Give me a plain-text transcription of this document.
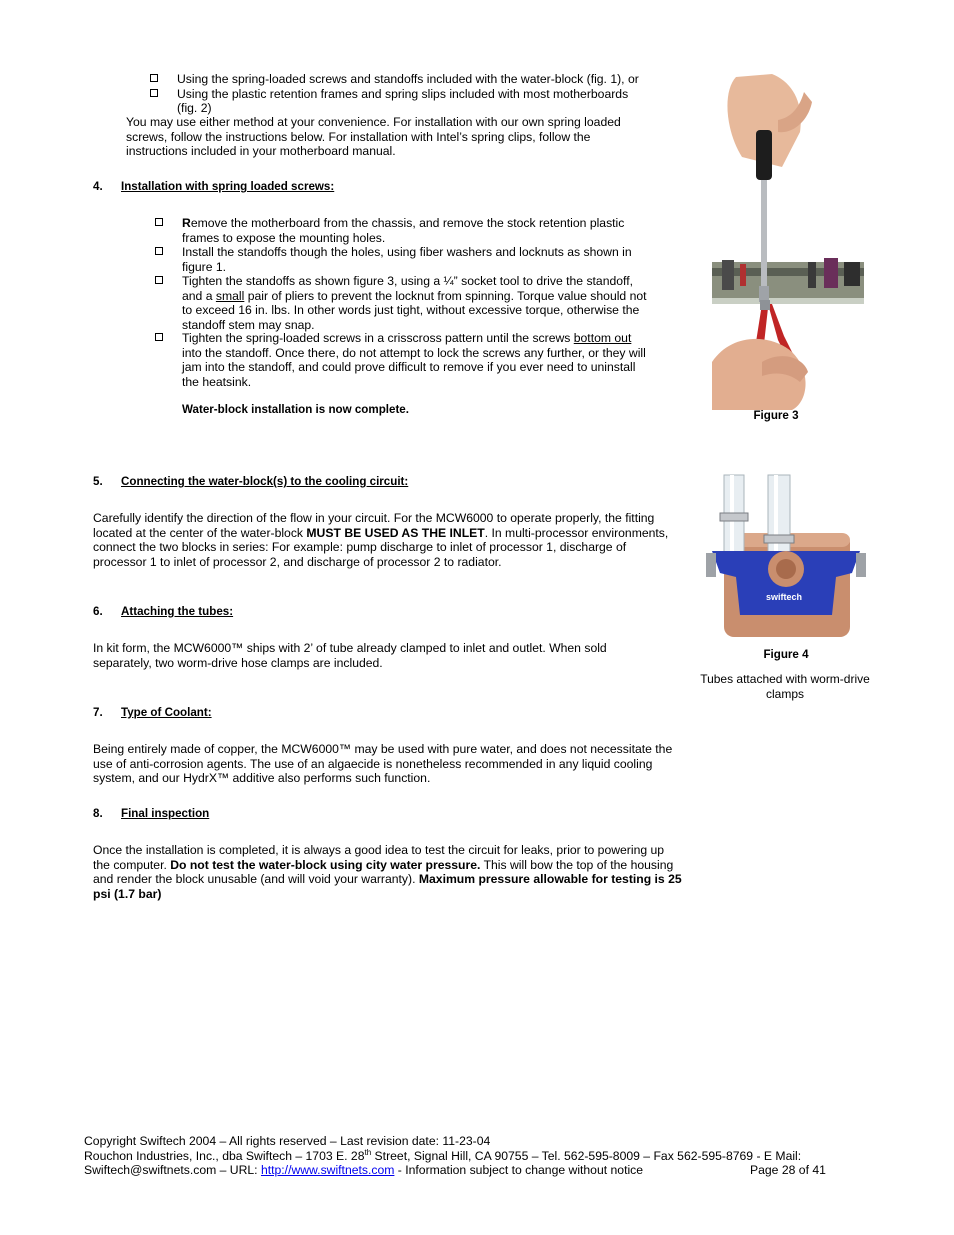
Using the spring-loaded screws and standoffs included with the water-block (fig. 1), or
Using the plastic retention frames and spring slips included with most motherboards
(fig. 2)
You may use either method at your convenience. For installation with our own spring loaded screws, follow the instructions below. For installation with Intel’s spring clips, follow the instructions included in your motherboard manual.
4. Installation with spring loaded screws:
Remove the motherboard from the chassis, and remove the stock retention plastic frames to expose the mounting holes.
Install the standoffs though the holes, using fiber washers and locknuts as shown in figure 1.
Tighten the standoffs as shown figure 3, using a ¼” socket tool to drive the standoff, and a small pair of pliers to prevent the locknut from spinning. Torque value should not to exceed 16 in. lbs. In other words just tight, without excessive torque, otherwise the standoff stem may snap.
Tighten the spring-loaded screws in a crisscross pattern until the screws bottom out into the standoff. Once there, do not attempt to lock the screws any further, or they will jam into the standoff, and could prove difficult to remove if you ever need to uninstall the heatsink.
Water-block installation is now complete.
5. Connecting the water-block(s) to the cooling circuit:
Carefully identify the direction of the flow in your circuit. For the MCW6000 to operate properly, the fitting located at the center of the water-block MUST BE USED AS THE INLET. In multi-processor environments, connect the two blocks in series: For example: pump discharge to inlet of processor 1, discharge of processor 1 to inlet of processor 2, and discharge of processor 2 to radiator.
6. Attaching the tubes:
In kit form, the MCW6000™ ships with 2’ of tube already clamped to inlet and outlet. When sold separately, two worm-drive hose clamps are included.
7. Type of Coolant:
Being entirely made of copper, the MCW6000™ may be used with pure water, and does not necessitate the use of anti-corrosion agents. The use of an algaecide is nonetheless recommended in any liquid cooling system, and our HydrX™ additive also performs such function.
8. Final inspection
Once the installation is completed, it is always a good idea to test the circuit for leaks, prior to powering up the computer. Do not test the water-block using city water pressure. This will bow the top of the housing and render the block unusable (and will void your warranty). Maximum pressure allowable for testing is 25 psi (1.7 bar)
Figure 3
swiftech
Figure 4
Tubes attached with worm-drive clamps
Copyright Swiftech 2004 – All rights reserved – Last revision date: 11-23-04
Rouchon Industries, Inc., dba Swiftech – 1703 E. 28th Street, Signal Hill, CA 90755 – Tel. 562-595-8009 – Fax 562-595-8769 - E Mail:
Swiftech@swiftnets.com – URL: http://www.swiftnets.com - Information subject to change without notice	Page 28 of 41
